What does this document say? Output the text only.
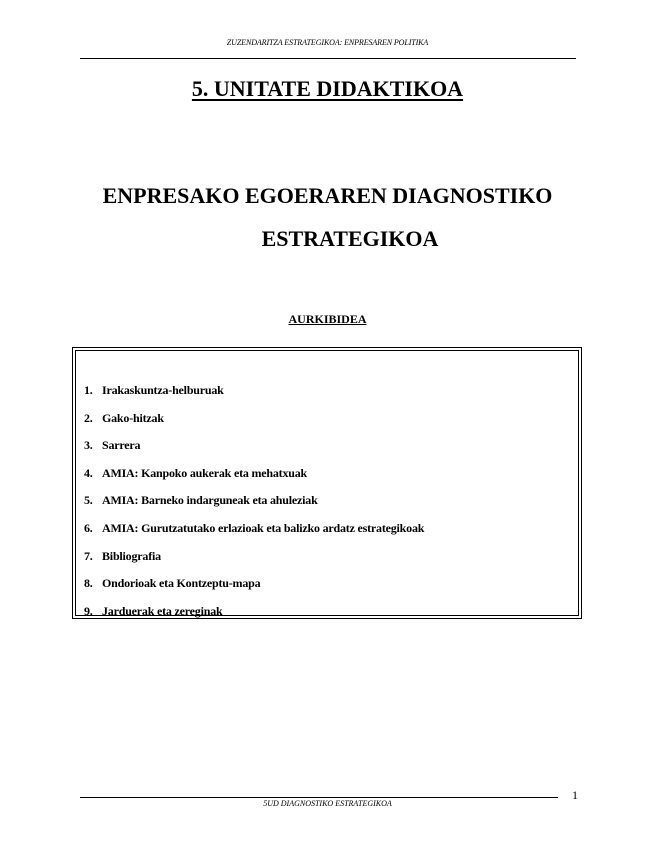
ZUZENDARITZA ESTRATEGIKOA: ENPRESAREN POLITIKA
5. UNITATE DIDAKTIKOA
ENPRESAKO EGOERAREN DIAGNOSTIKO
ESTRATEGIKOA
AURKIBIDEA
1. Irakaskuntza-helburuak
2. Gako-hitzak
3. Sarrera
4. AMIA: Kanpoko aukerak eta mehatxuak
5. AMIA: Barneko indarguneak eta ahuleziak
6. AMIA: Gurutzatutako erlazioak eta balizko ardatz estrategikoak
7. Bibliografia
8. Ondorioak eta Kontzeptu-mapa
9. Jarduerak eta zereginak
1
5UD DIAGNOSTIKO ESTRATEGIKOA
